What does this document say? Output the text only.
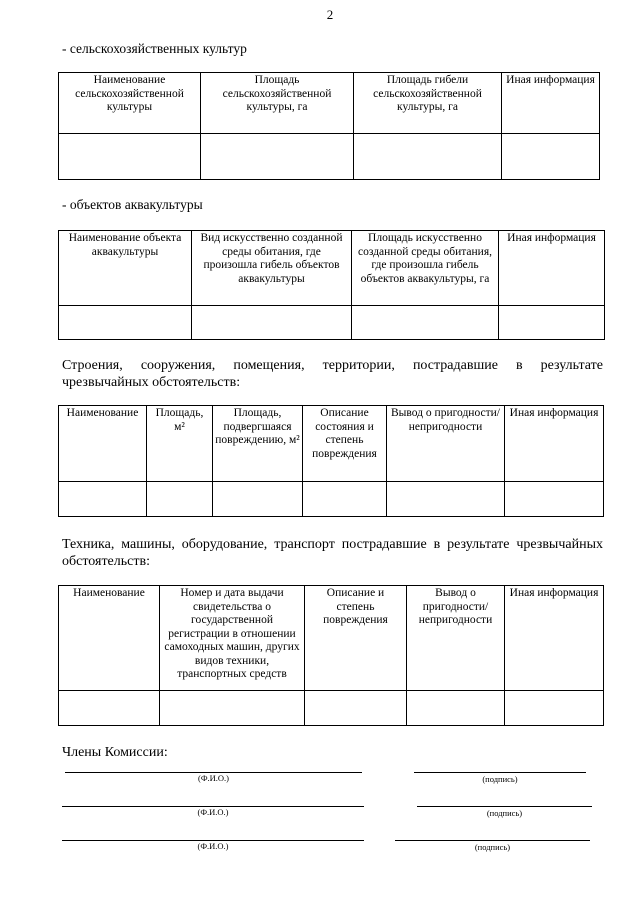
2
- сельскохозяйственных культур
Наименование сельскохозяйственной культуры	Площадь сельскохозяйственной культуры, га	Площадь гибели сельскохозяйственной культуры, га	Иная информация

- объектов аквакультуры
Наименование объекта аквакультуры	Вид искусственно созданной среды обитания, где произошла гибель объектов аквакультуры	Площадь искусственно созданной среды обитания, где произошла гибель объектов аквакультуры, га	Иная информация

Строения, сооружения, помещения, территории, пострадавшие в результате чрезвычайных обстоятельств:
Наименование	Площадь, м²	Площадь, подвергшаяся повреждению, м²	Описание состояния и степень повреждения	Вывод о пригодности/непригодности	Иная информация

Техника, машины, оборудование, транспорт пострадавшие в результате чрезвычайных обстоятельств:
Наименование	Номер и дата выдачи свидетельства о государственной регистрации в отношении самоходных машин, других видов техники, транспортных средств	Описание и степень повреждения	Вывод о пригодности/непригодности	Иная информация

Члены Комиссии:
(Ф.И.О.)	(подпись)
(Ф.И.О.)	(подпись)
(Ф.И.О.)	(подпись)
